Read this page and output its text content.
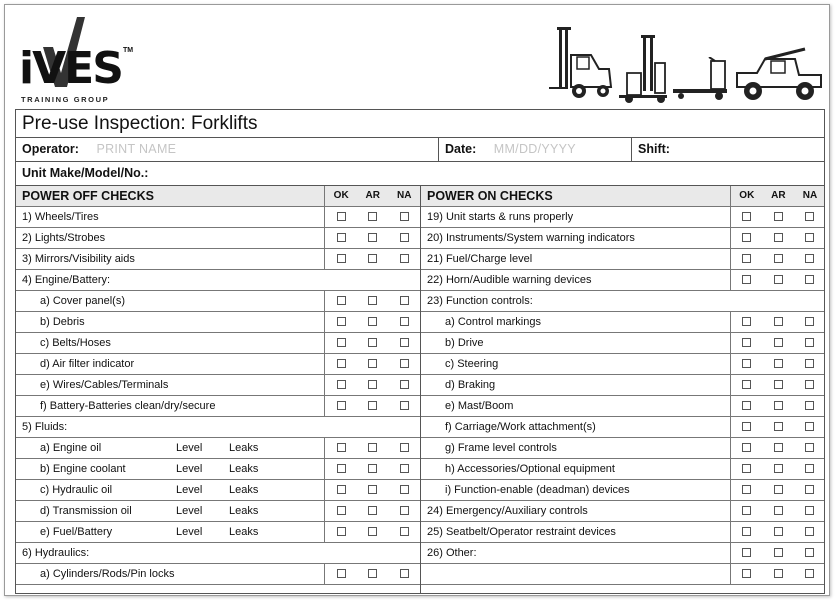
iVES TM
TRAINING GROUP
Pre-use Inspection: Forklifts
Operator: PRINT NAME	Date: MM/DD/YYYY	Shift:
Unit Make/Model/No.:
POWER OFF CHECKS	OK	AR	NA
1) Wheels/Tires
2) Lights/Strobes
3) Mirrors/Visibility aids
4) Engine/Battery:
a) Cover panel(s)
b) Debris
c) Belts/Hoses
d) Air filter indicator
e) Wires/Cables/Terminals
f) Battery-Batteries clean/dry/secure
5) Fluids:
a) Engine oil	Level Leaks
b) Engine coolant	Level Leaks
c) Hydraulic oil	Level Leaks
d) Transmission oil	Level Leaks
e) Fuel/Battery	Level Leaks
6) Hydraulics:
a) Cylinders/Rods/Pin locks
POWER ON CHECKS	OK	AR	NA
19) Unit starts & runs properly
20) Instruments/System warning indicators
21) Fuel/Charge level
22) Horn/Audible warning devices
23) Function controls:
a) Control markings
b) Drive
c) Steering
d) Braking
e) Mast/Boom
f) Carriage/Work attachment(s)
g) Frame level controls
h) Accessories/Optional equipment
i) Function-enable (deadman) devices
24) Emergency/Auxiliary controls
25) Seatbelt/Operator restraint devices
26) Other:
